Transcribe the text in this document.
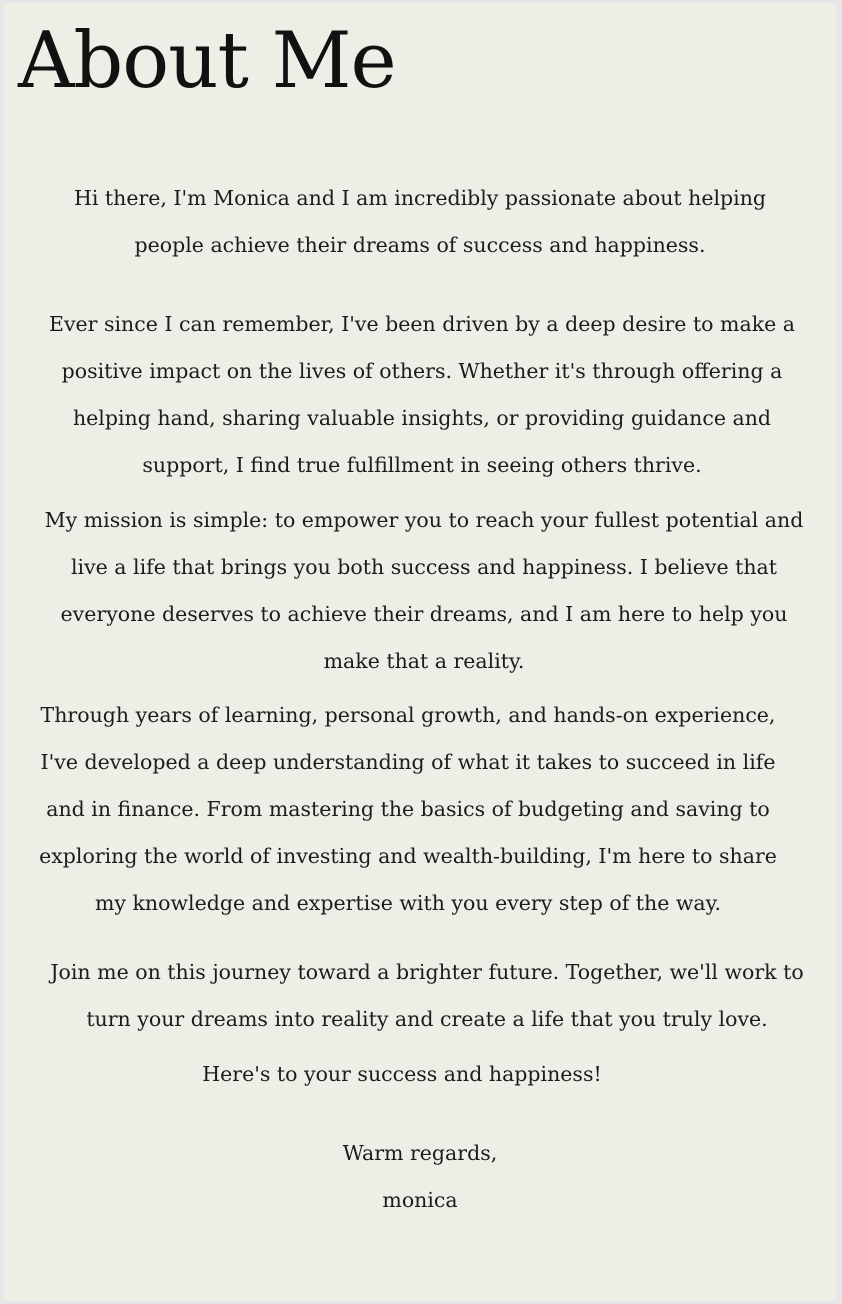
About Me

Hi there, I'm Monica and I am incredibly passionate about helping
people achieve their dreams of success and happiness.

Ever since I can remember, I've been driven by a deep desire to make a
positive impact on the lives of others. Whether it's through offering a
helping hand, sharing valuable insights, or providing guidance and
support, I find true fulfillment in seeing others thrive.

My mission is simple: to empower you to reach your fullest potential and
live a life that brings you both success and happiness. I believe that
everyone deserves to achieve their dreams, and I am here to help you
make that a reality.

Through years of learning, personal growth, and hands-on experience,
I've developed a deep understanding of what it takes to succeed in life
and in finance. From mastering the basics of budgeting and saving to
exploring the world of investing and wealth-building, I'm here to share
my knowledge and expertise with you every step of the way.

Join me on this journey toward a brighter future. Together, we'll work to
turn your dreams into reality and create a life that you truly love.

Here's to your success and happiness!

Warm regards,
monica
